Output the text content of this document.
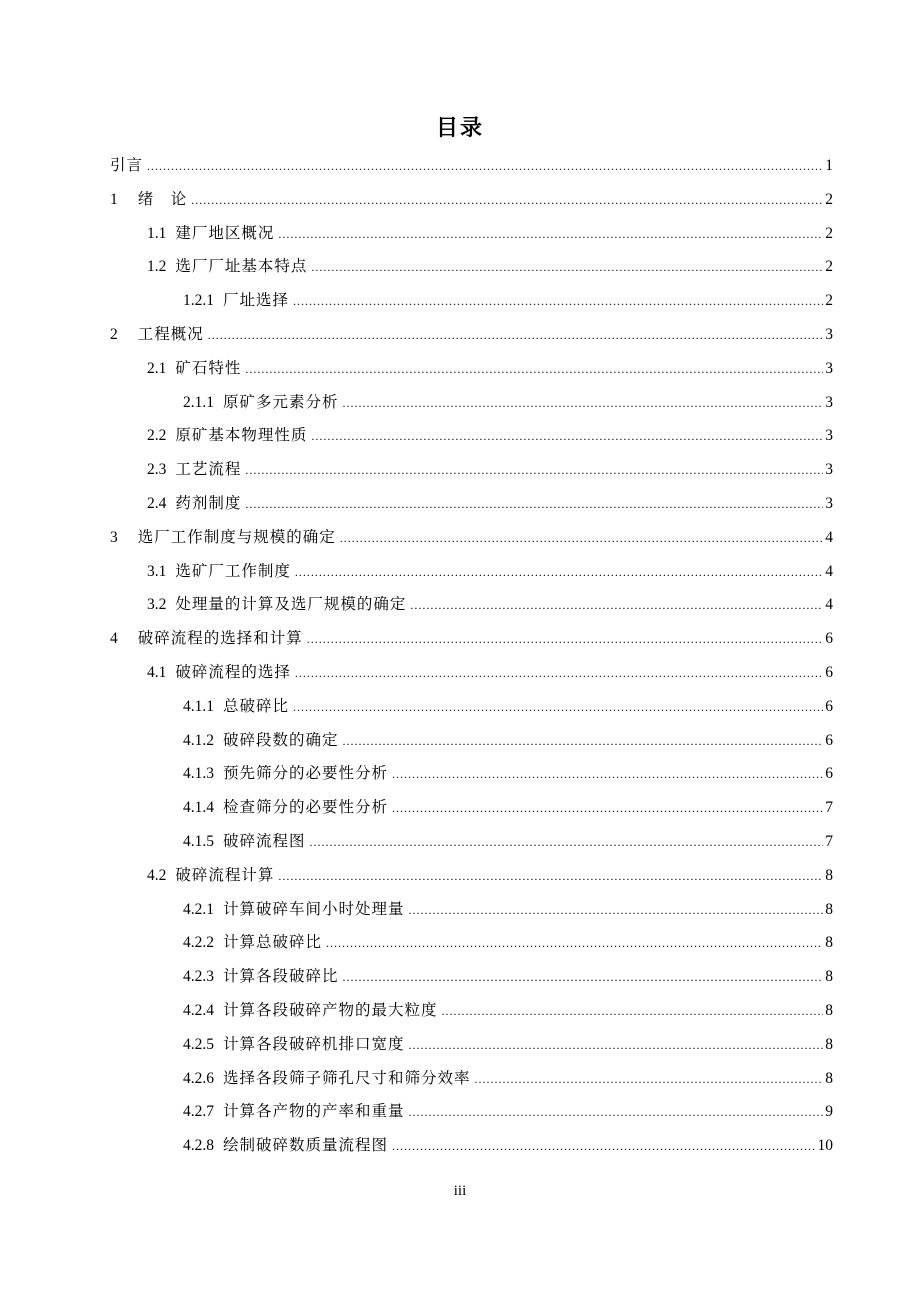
目录
引言 .....	1
1 绪　论 .....	2
1.1 建厂地区概况 .....	2
1.2 选厂厂址基本特点 .....	2
1.2.1 厂址选择 .....	2
2 工程概况 .....	3
2.1 矿石特性 .....	3
2.1.1 原矿多元素分析 .....	3
2.2 原矿基本物理性质 .....	3
2.3 工艺流程 .....	3
2.4 药剂制度 .....	3
3 选厂工作制度与规模的确定 .....	4
3.1 选矿厂工作制度 .....	4
3.2 处理量的计算及选厂规模的确定 .....	4
4 破碎流程的选择和计算 .....	6
4.1 破碎流程的选择 .....	6
4.1.1 总破碎比 .....	6
4.1.2 破碎段数的确定 .....	6
4.1.3 预先筛分的必要性分析 .....	6
4.1.4 检查筛分的必要性分析 .....	7
4.1.5 破碎流程图 .....	7
4.2 破碎流程计算 .....	8
4.2.1 计算破碎车间小时处理量 .....	8
4.2.2 计算总破碎比 .....	8
4.2.3 计算各段破碎比 .....	8
4.2.4 计算各段破碎产物的最大粒度 .....	8
4.2.5 计算各段破碎机排口宽度 .....	8
4.2.6 选择各段筛子筛孔尺寸和筛分效率 .....	8
4.2.7 计算各产物的产率和重量 .....	9
4.2.8 绘制破碎数质量流程图 .....	10
iii
